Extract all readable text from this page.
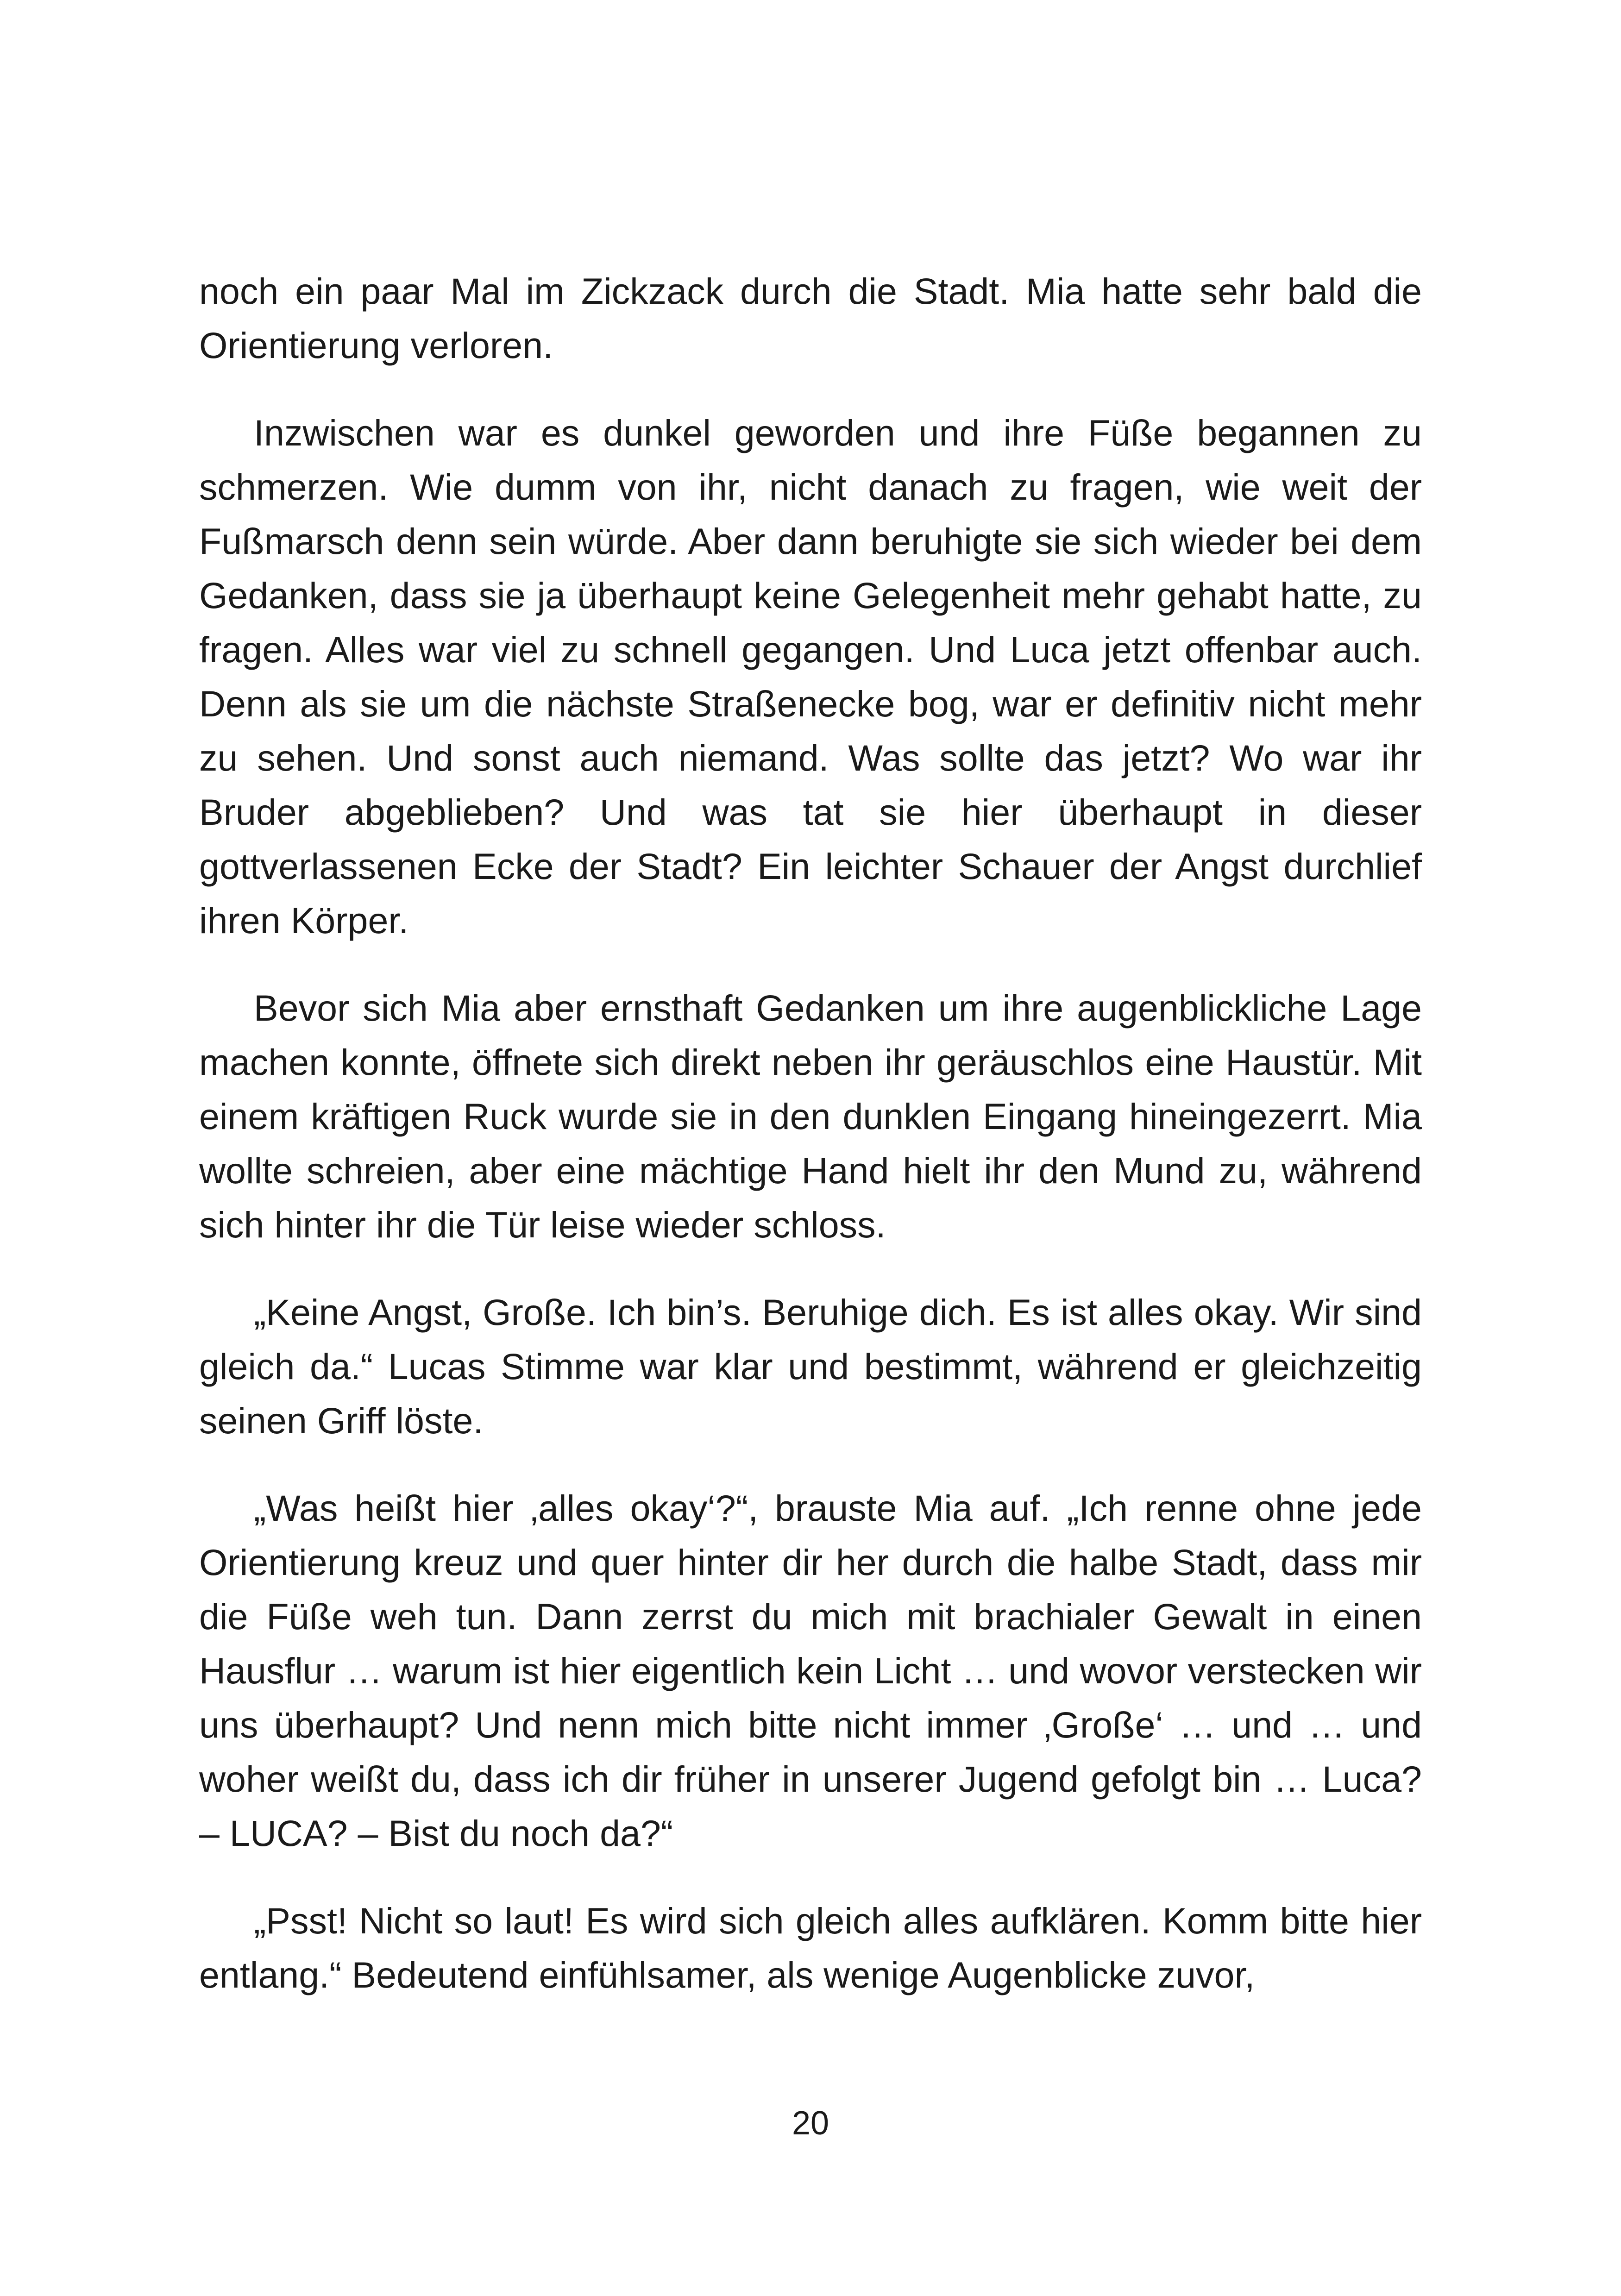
noch ein paar Mal im Zickzack durch die Stadt. Mia hatte sehr bald die Orientierung verloren.

Inzwischen war es dunkel geworden und ihre Füße begannen zu schmerzen. Wie dumm von ihr, nicht danach zu fragen, wie weit der Fußmarsch denn sein würde. Aber dann beruhigte sie sich wieder bei dem Gedanken, dass sie ja überhaupt keine Gelegenheit mehr gehabt hatte, zu fragen. Alles war viel zu schnell gegangen. Und Luca jetzt offenbar auch. Denn als sie um die nächste Straßenecke bog, war er definitiv nicht mehr zu sehen. Und sonst auch niemand. Was sollte das jetzt? Wo war ihr Bruder abgeblieben? Und was tat sie hier überhaupt in dieser gottverlassenen Ecke der Stadt? Ein leichter Schauer der Angst durchlief ihren Körper.

Bevor sich Mia aber ernsthaft Gedanken um ihre augenblickliche Lage machen konnte, öffnete sich direkt neben ihr geräuschlos eine Haustür. Mit einem kräftigen Ruck wurde sie in den dunklen Eingang hineingezerrt. Mia wollte schreien, aber eine mächtige Hand hielt ihr den Mund zu, während sich hinter ihr die Tür leise wieder schloss.

„Keine Angst, Große. Ich bin’s. Beruhige dich. Es ist alles okay. Wir sind gleich da.“ Lucas Stimme war klar und bestimmt, während er gleichzeitig seinen Griff löste.

„Was heißt hier ‚alles okay‘?“, brauste Mia auf. „Ich renne ohne jede Orientierung kreuz und quer hinter dir her durch die halbe Stadt, dass mir die Füße weh tun. Dann zerrst du mich mit brachialer Gewalt in einen Hausflur … warum ist hier eigentlich kein Licht … und wovor verstecken wir uns überhaupt? Und nenn mich bitte nicht immer ‚Große‘ … und … und woher weißt du, dass ich dir früher in unserer Jugend gefolgt bin … Luca? – LUCA? – Bist du noch da?“

„Psst! Nicht so laut! Es wird sich gleich alles aufklären. Komm bitte hier entlang.“ Bedeutend einfühlsamer, als wenige Augenblicke zuvor,

20
